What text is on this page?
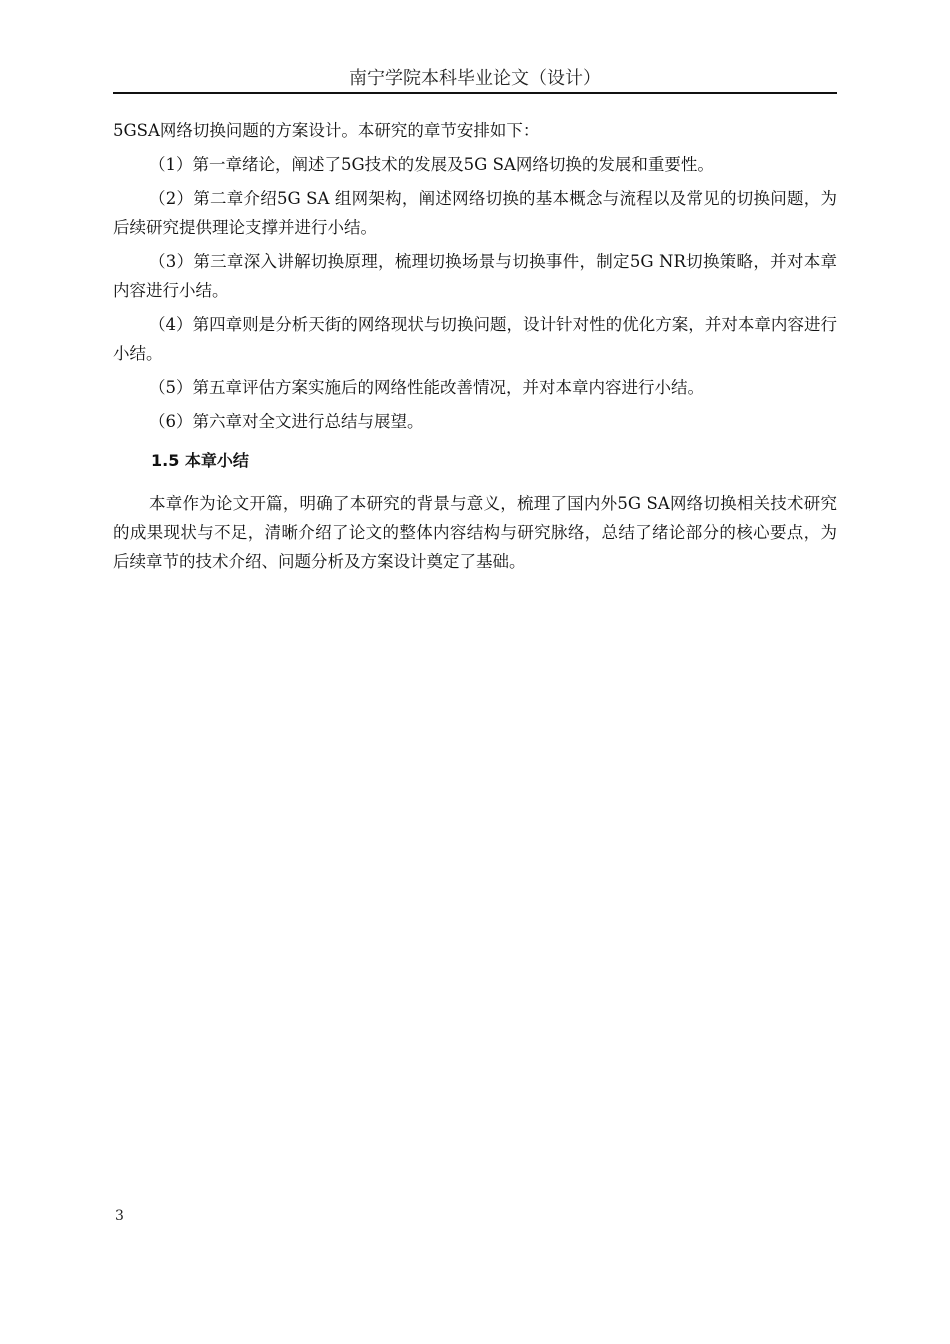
南宁学院本科毕业论文（设计）

5GSA网络切换问题的方案设计。本研究的章节安排如下：

（1）第一章绪论，阐述了5G技术的发展及5G SA网络切换的发展和重要性。

（2）第二章介绍5G SA 组网架构，阐述网络切换的基本概念与流程以及常见的切换问题，为后续研究提供理论支撑并进行小结。

（3）第三章深入讲解切换原理，梳理切换场景与切换事件，制定5G NR切换策略，并对本章内容进行小结。

（4）第四章则是分析天街的网络现状与切换问题，设计针对性的优化方案，并对本章内容进行小结。

（5）第五章评估方案实施后的网络性能改善情况，并对本章内容进行小结。

（6）第六章对全文进行总结与展望。

1.5 本章小结

本章作为论文开篇，明确了本研究的背景与意义，梳理了国内外5G SA网络切换相关技术研究的成果现状与不足，清晰介绍了论文的整体内容结构与研究脉络，总结了绪论部分的核心要点，为后续章节的技术介绍、问题分析及方案设计奠定了基础。

3
